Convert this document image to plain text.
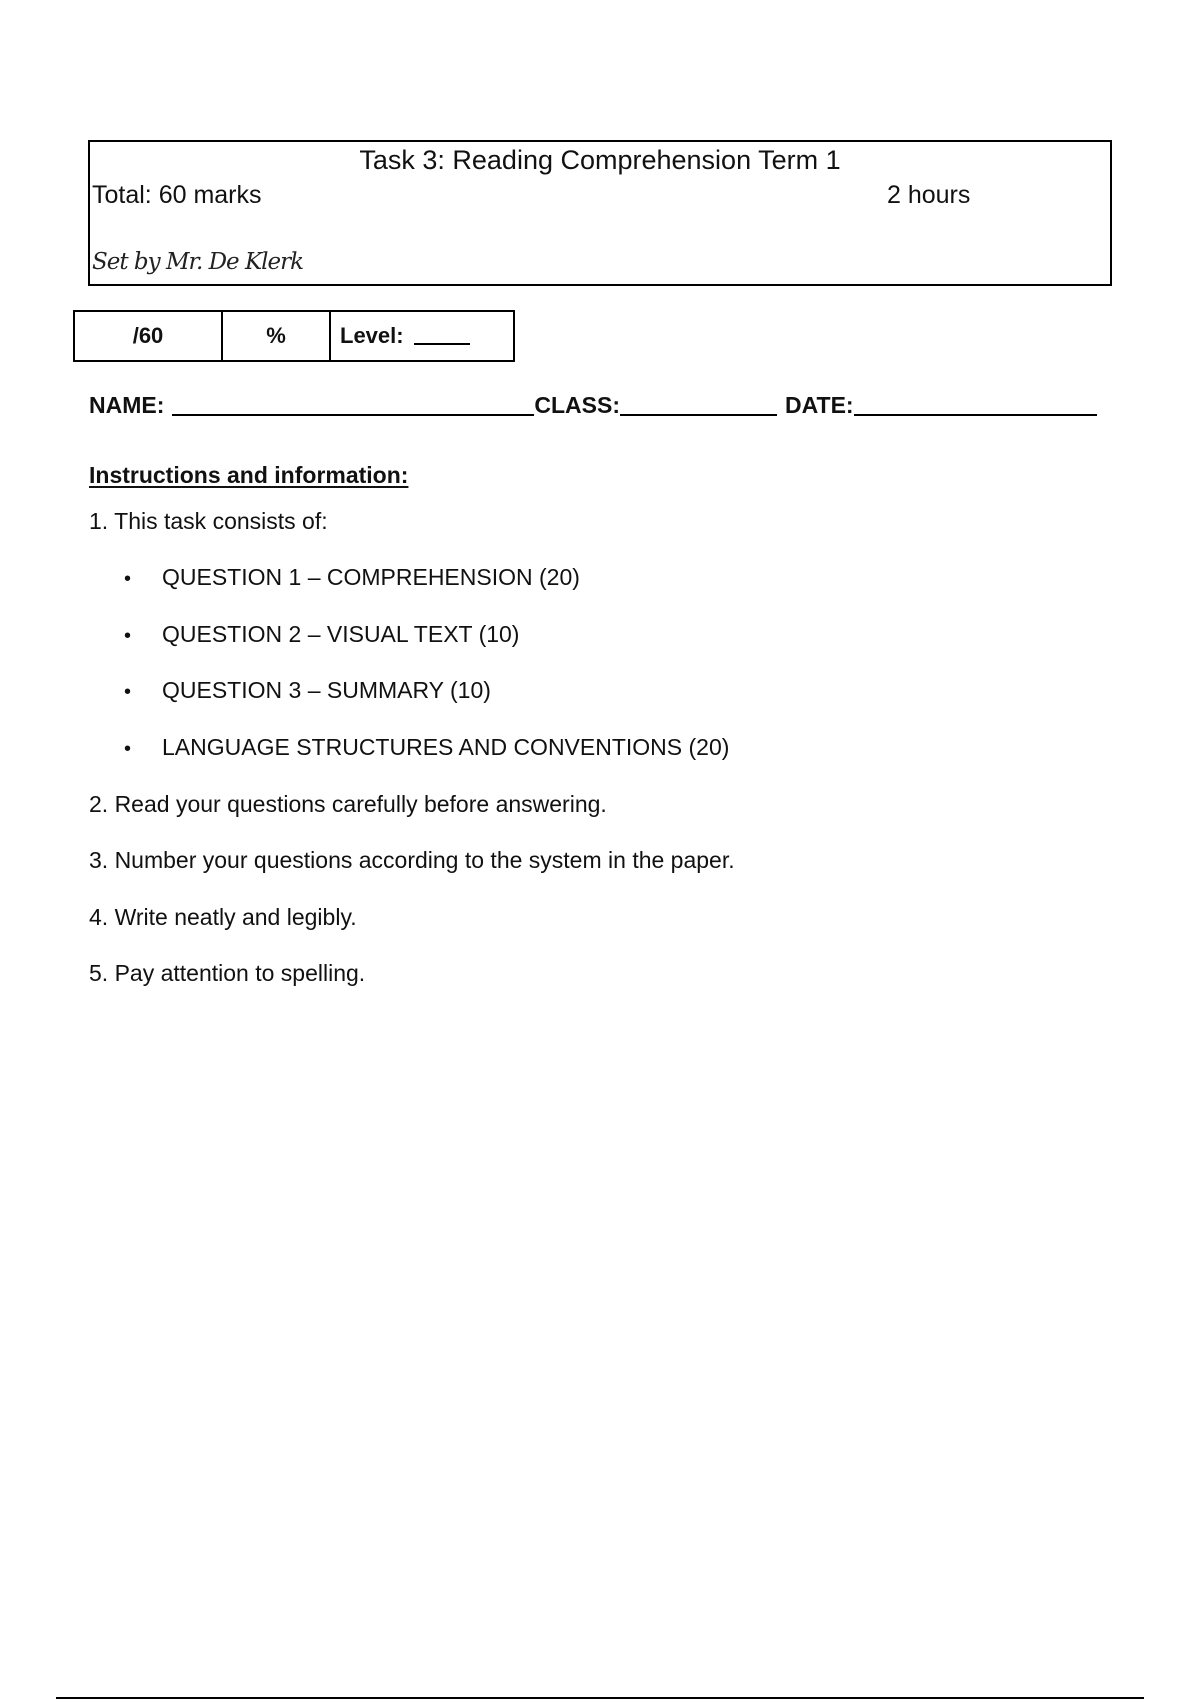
Task 3: Reading Comprehension Term 1
Total: 60 marks	2 hours
Set by Mr. De Klerk
/60	%	Level:
NAME:	CLASS:	DATE:
Instructions and information:
1. This task consists of:
• QUESTION 1 – COMPREHENSION (20)
• QUESTION 2 – VISUAL TEXT (10)
• QUESTION 3 – SUMMARY (10)
• LANGUAGE STRUCTURES AND CONVENTIONS (20)
2. Read your questions carefully before answering.
3. Number your questions according to the system in the paper.
4. Write neatly and legibly.
5. Pay attention to spelling.
